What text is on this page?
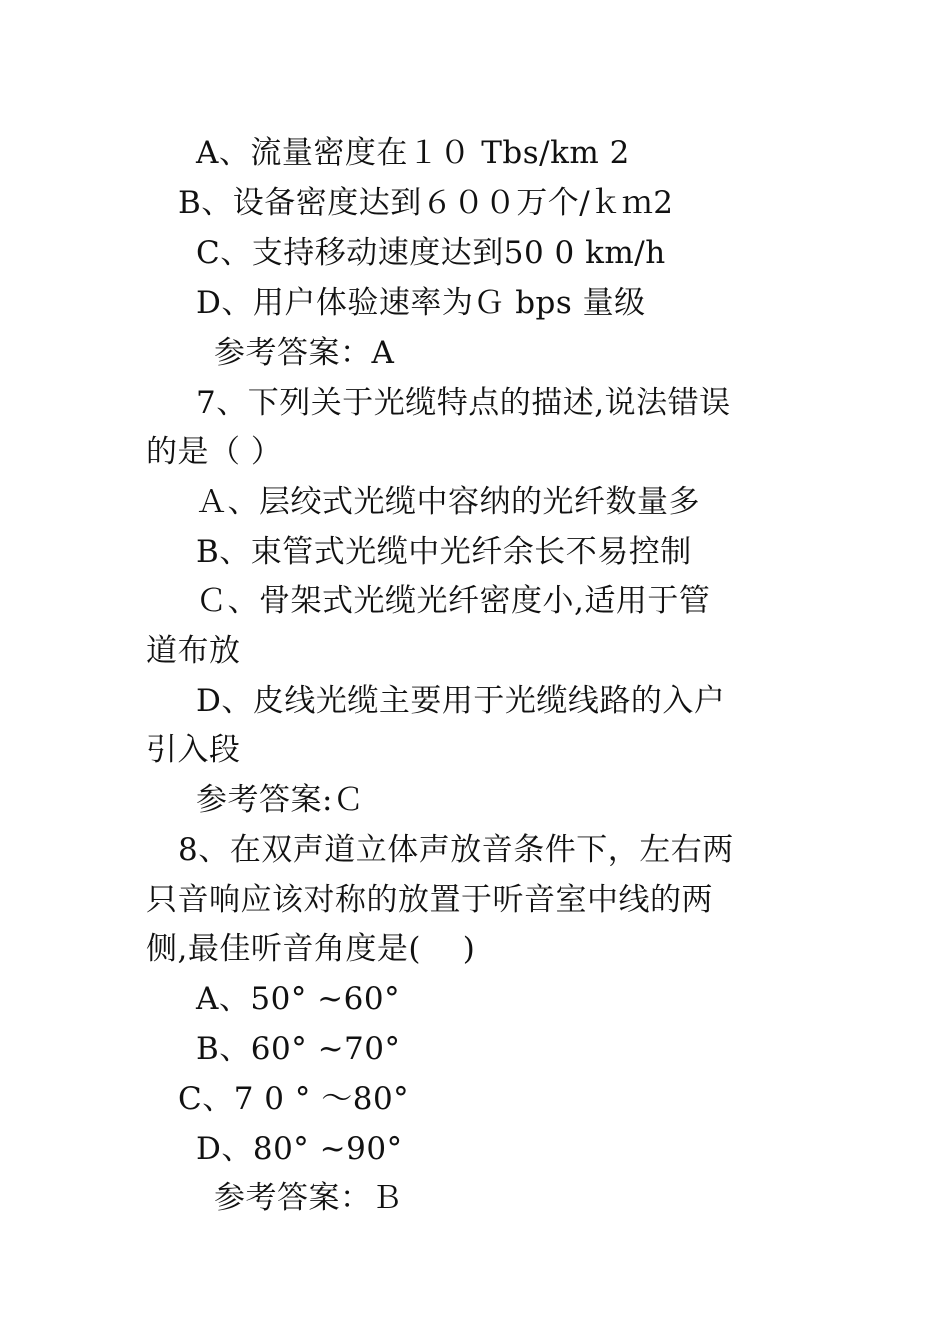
A、流量密度在１０ Tbs/km 2
B、设备密度达到６００万个/ｋｍ2
C、支持移动速度达到50 0 km/h
D、用户体验速率为Ｇ bps 量级
参考答案：A
7、下列关于光缆特点的描述,说法错误
的是（ ）
Ａ、层绞式光缆中容纳的光纤数量多
B、束管式光缆中光纤余长不易控制
Ｃ、骨架式光缆光纤密度小,适用于管
道布放
D、皮线光缆主要用于光缆线路的入户
引入段
参考答案:Ｃ
8、在双声道立体声放音条件下，左右两
只音响应该对称的放置于听音室中线的两
侧,最佳听音角度是(　 )
A、50° ~60°
B、60° ~70°
C、7 0 ° ～80°
D、80° ~90°
参考答案：Ｂ
